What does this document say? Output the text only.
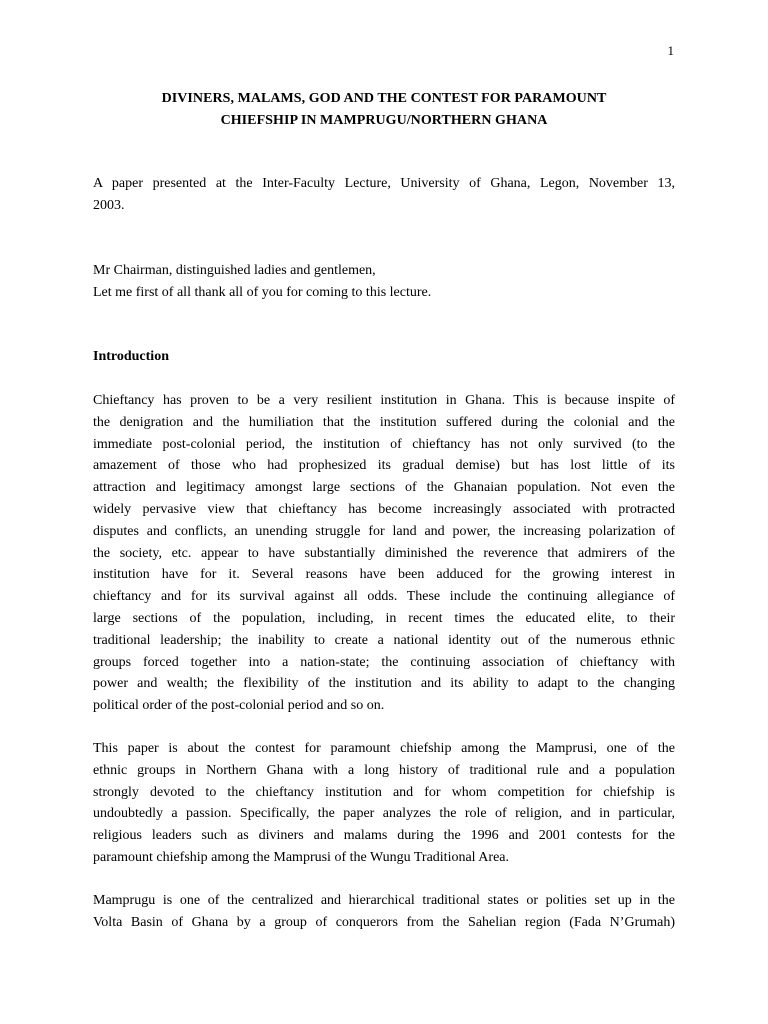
1
DIVINERS, MALAMS, GOD AND THE CONTEST FOR PARAMOUNT
CHIEFSHIP IN MAMPRUGU/NORTHERN GHANA
A paper presented at the Inter-Faculty Lecture, University of Ghana, Legon, November 13,
2003.
Mr Chairman, distinguished ladies and gentlemen,
Let me first of all thank all of you for coming to this lecture.
Introduction
Chieftancy has proven to be a very resilient institution in Ghana. This is because inspite of
the denigration and the humiliation that the institution suffered during the colonial and the
immediate post-colonial period, the institution of chieftancy has not only survived (to the
amazement of those who had prophesized its gradual demise) but has lost little of its
attraction and legitimacy amongst large sections of the Ghanaian population. Not even the
widely pervasive view that chieftancy has become increasingly associated with protracted
disputes and conflicts, an unending struggle for land and power, the increasing polarization of
the society, etc. appear to have substantially diminished the reverence that admirers of the
institution have for it. Several reasons have been adduced for the growing interest in
chieftancy and for its survival against all odds. These include the continuing allegiance of
large sections of the population, including, in recent times the educated elite, to their
traditional leadership; the inability to create a national identity out of the numerous ethnic
groups forced together into a nation-state; the continuing association of chieftancy with
power and wealth; the flexibility of the institution and its ability to adapt to the changing
political order of the post-colonial period and so on.
This paper is about the contest for paramount chiefship among the Mamprusi, one of the
ethnic groups in Northern Ghana with a long history of traditional rule and a population
strongly devoted to the chieftancy institution and for whom competition for chiefship is
undoubtedly a passion. Specifically, the paper analyzes the role of religion, and in particular,
religious leaders such as diviners and malams during the 1996 and 2001 contests for the
paramount chiefship among the Mamprusi of the Wungu Traditional Area.
Mamprugu is one of the centralized and hierarchical traditional states or polities set up in the
Volta Basin of Ghana by a group of conquerors from the Sahelian region (Fada N’Grumah)
